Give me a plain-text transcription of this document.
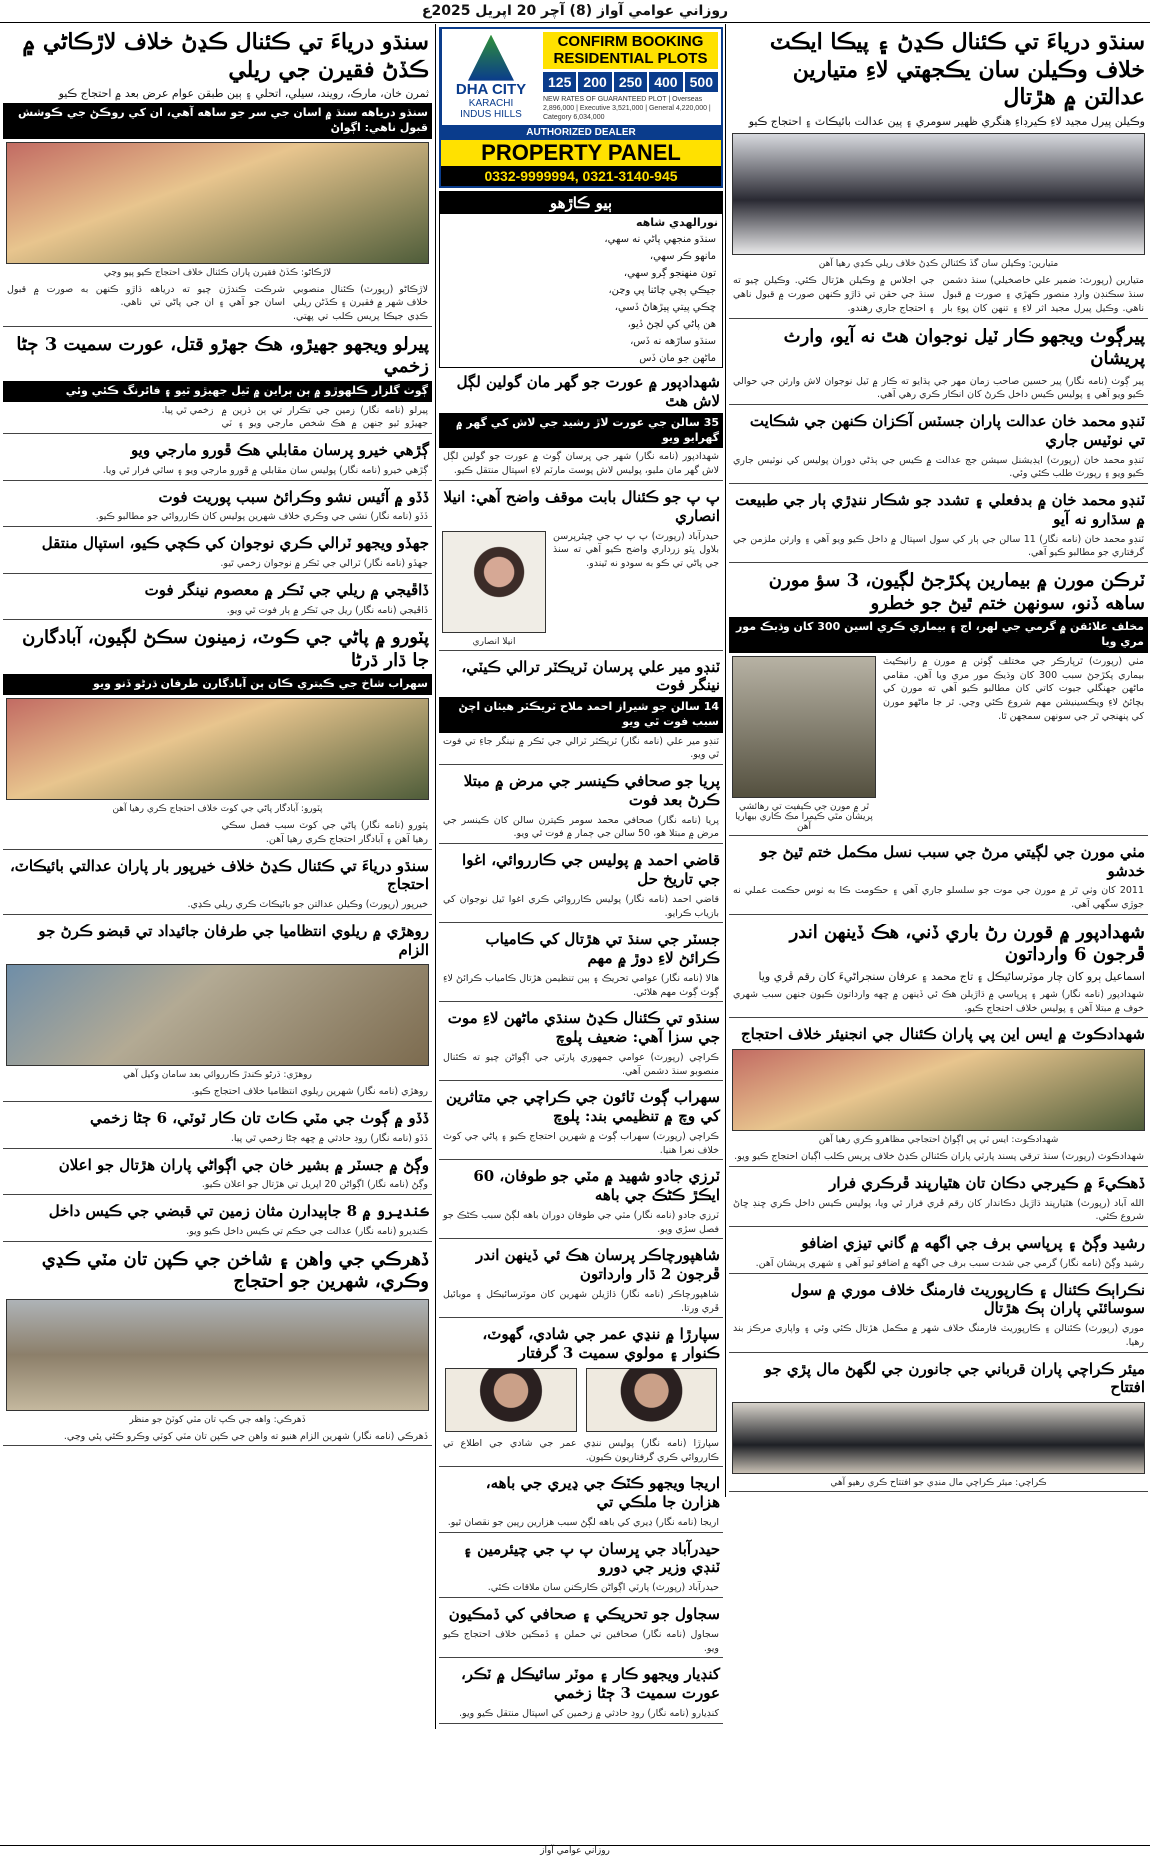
روزاني عوامي آواز (8) آچر 20 اپريل 2025ع
سنڌو درياءَ تي ڪئنال ڪڍڻ ۽ پيڪا ايڪٽ خلاف وڪيلن سان يڪجهتي لاءِ متيارين عدالتن ۾ هڙتال
وڪيلن پيرل مجيد لاءِ ڪيرڊاءِ هنگري ظهير سومري ۽ پين عدالت بائيڪاٽ ۽ احتجاج ڪيو
متيارين: وڪيلن سان گڏ ڪئنالن ڪڍڻ خلاف ريلي ڪڍي رهيا آهن
متيارين (رپورٽ: ضمير علي خاصخيلي) سنڌ دشمن سنڌ سڪنڊن وارڊ منصور ڪهڙي ۽ صورت ۾ قبول ناهي. وڪيل پيرل مجيد اثر لاءِ ۽ تنهن کان پوءِ بار جي اجلاس ۾ وڪيلن هڙتال ڪئي. وڪيلن چيو ته سنڌ جي حقن تي ڌاڙو ڪنهن صورت ۾ قبول ناهي ۽ احتجاج جاري رهندو.
پيرڳوٺ ويجهو ڪار ٽيل نوجوان هٿ نه آيو، وارث پريشان
پير ڳوٺ (نامه نگار) پير حسين صاحب زمان مهر جي ٻڌايو ته ڪار ۾ ٽيل نوجوان لاش وارثن جي حوالي ڪيو ويو آهي ۽ پوليس ڪيس داخل ڪرڻ کان انڪار ڪري رهي آهي.
ٽنڊو محمد خان عدالت پاران جسٽس آڪزان ڪنهن جي شڪايت تي نوٽيس جاري
ٽنڊو محمد خان (رپورٽ) ايڊيشنل سيشن جج عدالت ۾ ڪيس جي ٻڌڻي دوران پوليس کي نوٽيس جاري ڪيو ويو ۽ رپورٽ طلب ڪئي وئي.
ٽنڊو محمد خان ۾ بدفعلي ۽ تشدد جو شڪار ننڍڙي ٻار جي طبيعت ۾ سڌارو نه آيو
ٽنڊو محمد خان (نامه نگار) 11 سالن جي ٻار کي سول اسپتال ۾ داخل ڪيو ويو آهي ۽ وارثن ملزمن جي گرفتاري جو مطالبو ڪيو آهي.
ٽرڪن مورن ۾ بيمارين پکڙجڻ لڳيون، 3 سؤ مورن ساهه ڏنو، سونهن ختم ٿيڻ جو خطرو
مخلف علائقن ۾ گرمي جي لهر، اڄ ۽ بيماري ڪري اسين 300 کان وڌيڪ مور مري ويا
مٺي (رپورٽ) ٿرپارڪر جي مختلف ڳوٺن ۾ مورن ۾ رانيڪيٽ بيماري پکڙجڻ سبب 300 کان وڌيڪ مور مري ويا آهن. مقامي ماڻهن جهنگلي جيوت کاتي کان مطالبو ڪيو آهي ته مورن کي بچائڻ لاءِ ويڪسينيشن مهم شروع ڪئي وڃي. ٿر جا ماڻهو مورن کي پنهنجي ٿر جي سونهن سمجهن ٿا.
ٿر ۾ مورن جي ڪيفيت تي رهائشي پريشان مٿي ڪيمرا مڪ ڪاري بيهاريا آهن
مٺي مورن جي لڳيتي مرڻ جي سبب نسل مڪمل ختم ٿيڻ جو خدشو
2011 کان وٺي ٿر ۾ مورن جي موت جو سلسلو جاري آهي ۽ حڪومت ڪا به ٺوس حڪمت عملي نه جوڙي سگهي آهي.
شهدادپور ۾ قورن رڻ باري ڏني، هڪ ڏينهن اندر ڦرجون 6 وارداتون
اسماعيل ٻرو کان چار موٽرسائيڪل ۽ تاج محمد ۽ عرفان سنجراڻيءَ کان رقم ڦري ويا
شهدادپور (نامه نگار) شهر ۽ ڀرپاسي ۾ ڌاڙيلن هڪ ئي ڏينهن ۾ ڇهه وارداتون ڪيون جنهن سبب شهري خوف ۾ مبتلا آهن ۽ پوليس خلاف احتجاج ڪيو.
شهدادڪوٽ ۾ ايس اين پي پاران ڪئنال جي انجنيئر خلاف احتجاج
شهدادڪوٽ: ايس ٽي پي اڳواڻ احتجاجي مظاهرو ڪري رهيا آهن
شهدادڪوٽ (رپورٽ) سنڌ ترقي پسند پارٽي پاران ڪئنالن ڪڍڻ خلاف پريس ڪلب اڳيان احتجاج ڪيو ويو.
ڏهڪيءَ ۾ ڪيرجي دڪان تان هٿيارپند ڦرڪري فرار
الله آباد (رپورٽ) هٿيارپند ڌاڙيل دڪاندار کان رقم ڦري فرار ٿي ويا، پوليس ڪيس داخل ڪري ڇنڊ ڇاڻ شروع ڪئي.
رشيد وڳڻ ۽ پرپاسي برف جي اگهه ۾ گاني تيزي اضافو
رشيد وڳڻ (نامه نگار) گرمي جي شدت سبب برف جي اگهه ۾ اضافو ٿيو آهي ۽ شهري پريشان آهن.
نڪراٻڪ ڪئنال ۽ ڪارپوريٽ فارمنگ خلاف موري ۾ سول سوسائٽي پاران ٻڪ هڙتال
موري (رپورٽ) ڪئنالن ۽ ڪارپوريٽ فارمنگ خلاف شهر ۾ مڪمل هڙتال ڪئي وئي ۽ واپاري مرڪز بند رهيا.
ميئر ڪراچي پاران قرباني جي جانورن جي لگهڻ مال پڙي جو افتتاح
ڪراچي: ميئر ڪراچي مال منڊي جو افتتاح ڪري رهيو آهي
CONFIRM BOOKING RESIDENTIAL PLOTS
125 200 250 400 500
NEW RATES OF GUARANTEED PLOT | Overseas 2,896,000 | Executive 3,521,000 | General 4,220,000 | Category 6,034,000
DHA CITY
KARACHI
INDUS HILLS
AUTHORIZED DEALER
PROPERTY PANEL
0332-9999994, 0321-3140-945
ٻيو ڪاڙهو
نورالهدي شاهه
سنڌو منجهي پاڻي نه سهي،
مانهو ڪر سهي،
تون منهنجو ڳرو سهي،
جيڪي ٻچي چائنا پي وڃن،
ڇڪي پيتي پيڙهاڻ ڏسي،
هن پاڻي کي لڄڻ ڏيو،
سنڌو ساڙهه نه ڏس،
ماڻهن جو مان ڏس
شهدادپور ۾ عورت جو گهر مان گولين لڳل لاش هٿ
35 سالن جي عورت لاڙ رشيد جي لاش کي گهر ۾ گهرايو ويو
شهدادپور (نامه نگار) شهر جي ڀرسان ڳوٺ ۾ عورت جو گولين لڳل لاش گهر مان مليو، پوليس لاش پوسٽ مارٽم لاءِ اسپتال منتقل ڪيو.
پ پ جو ڪئنال بابت موقف واضح آهي: انيلا انصاري
حيدرآباد (رپورٽ) پ پ پ جي چيئرپرسن بلاول ڀٽو زرداري واضح ڪيو آهي ته سنڌ جي پاڻي تي ڪو به سودو نه ٿيندو.
انيلا انصاري
ٽنڊو مير علي پرسان ٽريڪٽر ترالي ڪيٽي، نينگر فوت
14 سالن جو شيراز احمد ملاح ٽريڪٽر هيٺان اچڻ سبب فوت ٿي ويو
ٽنڊو مير علي (نامه نگار) ٽريڪٽر ٽرالي جي ٽڪر ۾ نينگر جاءِ تي فوت ٿي ويو.
پريا جو صحافي ڪينسر جي مرض ۾ مبتلا ڪرڻ بعد فوت
پريا (نامه نگار) صحافي محمد سومر ڪيترن سالن کان ڪينسر جي مرض ۾ مبتلا هو، 50 سالن جي ڄمار ۾ فوت ٿي ويو.
قاضي احمد ۾ پوليس جي ڪارروائي، اغوا جي تاريخ حل
قاضي احمد (نامه نگار) پوليس ڪارروائي ڪري اغوا ٿيل نوجوان کي بازياب ڪرايو.
جسٽر جي سنڌ تي هڙتال کي ڪامياب ڪرائڻ لاءِ دوڙ ۾ مهم
هالا (نامه نگار) عوامي تحريڪ ۽ ٻين تنظيمن هڙتال ڪامياب ڪرائڻ لاءِ ڳوٺ ڳوٺ مهم هلائي.
سنڌو تي ڪئنال ڪڍڻ سنڌي ماڻهن لاءِ موت جي سزا آهي: ضعيف پلوچ
ڪراچي (رپورٽ) عوامي جمهوري پارٽي جي اڳواڻن چيو ته ڪئنال منصوبو سنڌ دشمن آهي.
سهراب ڳوٺ ٽائون جي ڪراچي جي متاثرين کي وچ ۾ تنظيمي بند: پلوچ
ڪراچي (رپورٽ) سهراب ڳوٺ ۾ شهرين احتجاج ڪيو ۽ پاڻي جي کوٽ خلاف نعرا هنيا.
ٽرزي جادو شهيد ۾ مٽي جو طوفان، 60 ايڪڙ ڪڻڪ جي باهه
ٽرزي جادو (نامه نگار) مٽي جي طوفان دوران باهه لڳڻ سبب ڪڻڪ جو فصل سڙي ويو.
شاهپورچاڪر پرسان هڪ ئي ڏينهن اندر ڦرجون 2 ڌار وارداتون
شاهپورچاڪر (نامه نگار) ڌاڙيلن شهرين کان موٽرسائيڪل ۽ موبائيل ڦري ورتا.
سپارڙا ۾ ننڍي عمر جي شادي، گهوٽ، ڪنوار ۽ مولوي سميت 3 گرفتار
سپارڙا (نامه نگار) پوليس ننڍي عمر جي شادي جي اطلاع تي ڪارروائي ڪري گرفتاريون ڪيون.
اريجا ويجهو ڪٽڪ جي ڍيري جي باهه، هزارن جا ملڪي تي
اريجا (نامه نگار) ڍيري کي باهه لڳڻ سبب هزارين رپين جو نقصان ٿيو.
حيدرآباد جي ڀرسان پ پ جي چيئرمين ۽ ٽنڊي وزير جي دورو
حيدرآباد (رپورٽ) پارٽي اڳواڻن ڪارڪنن سان ملاقات ڪئي.
سجاول جو تحريڪي ۽ صحافي کي ڏمڪيون
سجاول (نامه نگار) صحافين تي حملن ۽ ڏمڪين خلاف احتجاج ڪيو ويو.
کنڊيار ويجهو ڪار ۽ موٽر سائيڪل ۾ ٽڪر، عورت سميت 3 ڄڻا زخمي
کنڊيارو (نامه نگار) روڊ حادثي ۾ زخمين کي اسپتال منتقل ڪيو ويو.
سنڌو درياءَ تي ڪئنال ڪڍڻ خلاف لاڙڪاڻي ۾ ڪڏڻ فقيرن جي ريلي
ثمرن خان، مارڪ، رويند، سيلي، اتحلي ۽ ٻين طبقن عوام عرض بعد ۾ احتجاج ڪيو
سنڌو درياهه سنڌ ۾ اسان جي سر جو ساهه آهي، ان کي روڪڻ جي ڪوشش قبول ناهي: اڳواڻ
لاڙڪاڻو: ڪڏڻ فقيرن پاران ڪئنال خلاف احتجاج ڪيو پيو وڃي
لاڙڪاڻو (رپورٽ) ڪئنال منصوبي خلاف شهر ۾ فقيرن ۽ ڪڏڻن ريلي ڪڍي جيڪا پريس ڪلب تي پهتي. شرڪت ڪندڙن چيو ته درياهه اسان جو آهي ۽ ان جي پاڻي تي ڌاڙو ڪنهن به صورت ۾ قبول ناهي.
پيرلو ويجهو جهيڙو، هڪ جهڙو قتل، عورت سميت 3 ڄڻا زخمي
ڳوٺ گلزار ڪلهوڙو ۾ ٻن ٻراين ۾ ٿيل جهيڙو ٿيو ۽ فائرنگ ڪئي وئي
پيرلو (نامه نگار) زمين جي تڪرار تي ٻن ڌرين ۾ جهيڙو ٿيو جنهن ۾ هڪ شخص مارجي ويو ۽ ٽي زخمي ٿي پيا.
ڳڙهي خيرو پرسان مقابلي هڪ ڦورو مارجي ويو
ڳڙهي خيرو (نامه نگار) پوليس سان مقابلي ۾ ڦورو مارجي ويو ۽ ساٿي فرار ٿي ويا.
ڏڏو ۾ آئيس نشو وڪرائڻ سبب پوريت فوت
ڏڏو (نامه نگار) نشي جي وڪري خلاف شهرين پوليس کان ڪارروائي جو مطالبو ڪيو.
جهڏو ويجهو ٽرالي ڪري نوجوان کي ڪچي ڪيو، استپال منتقل
جهڏو (نامه نگار) ٽرالي جي ٽڪر ۾ نوجوان زخمي ٿيو.
ڏاڦيجي ۾ ريلي جي ٽڪر ۾ معصوم نينگر فوت
ڏاڦيجي (نامه نگار) ريل جي ٽڪر ۾ ٻار فوت ٿي ويو.
پٽورو ۾ پاڻي جي ڪوٽ، زمينون سڪڻ لڳيون، آبادگارن جا ڌار ڌرڻا
سهراب شاخ جي ڪيتري ڪان ٻن آبادگارن طرفان ڌرڻو ڏنو ويو
پٽورو: آبادگار پاڻي جي کوٽ خلاف احتجاج ڪري رهيا آهن
پٽورو (نامه نگار) پاڻي جي کوٽ سبب فصل سڪي رهيا آهن ۽ آبادگار احتجاج ڪري رهيا آهن.
سنڌو درياءَ تي ڪئنال ڪڍڻ خلاف خيرپور بار پاران عدالتي بائيڪاٽ، احتجاج
خيرپور (رپورٽ) وڪيلن عدالتن جو بائيڪاٽ ڪري ريلي ڪڍي.
روهڙي ۾ ريلوي انتظاميا جي طرفان جائيداد تي قبضو ڪرڻ جو الزام
روهڙي: ڌرڻو ڪندڙ ڪارروائي بعد سامان وکيل آهي
روهڙي (نامه نگار) شهرين ريلوي انتظاميا خلاف احتجاج ڪيو.
ڏڏو ۾ ڳوٺ جي مٽي ڪاٽ تان ڪار ٽوٽي، 6 ڄڻا زخمي
ڏڏو (نامه نگار) روڊ حادثي ۾ ڇهه ڄڻا زخمي ٿي پيا.
وڳڻ ۾ جسٽر ۾ بشير خان جي اڳواڻي پاران هڙتال جو اعلان
وڳڻ (نامه نگار) اڳواڻن 20 اپريل تي هڙتال جو اعلان ڪيو.
ڪنديرو ۾ 8 جاٻيدارن مثان زمين تي قبضي جي ڪيس داخل
ڪنديرو (نامه نگار) عدالت جي حڪم تي ڪيس داخل ڪيو ويو.
ڏهرڪي جي واهن ۽ شاخن جي ڪپن تان مٽي ڪڍي وڪري، شهرين جو احتجاج
ڏهرڪي: واهه جي ڪپ تان مٽي کوٽڻ جو منظر
ڏهرڪي (نامه نگار) شهرين الزام هنيو ته واهن جي ڪپن تان مٽي کوٽي وڪرو ڪئي پئي وڃي.
روزاني عوامي آواز
